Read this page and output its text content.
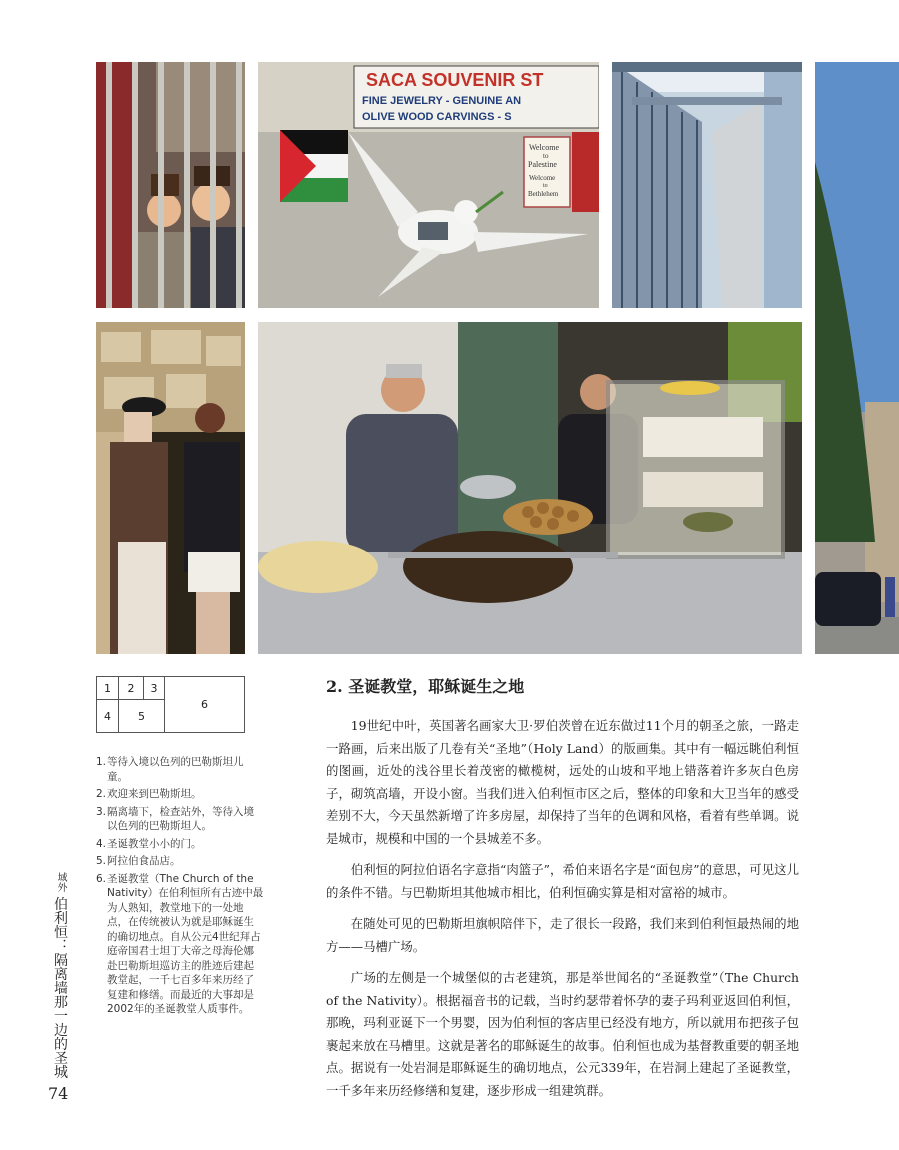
SACA SOUVENIR ST
FINE JEWELRY - GENUINE AN
OLIVE WOOD CARVINGS - S
Welcome
to
Palestine
Welcome
to
Bethlehem
1	2	3
4	5
6
1. 等待入境以色列的巴勒斯坦儿童。
2. 欢迎来到巴勒斯坦。
3. 隔离墙下，检查站外，等待入境以色列的巴勒斯坦人。
4. 圣诞教堂小小的门。
5. 阿拉伯食品店。
6. 圣诞教堂（The Church of the Nativity）在伯利恒所有古迹中最为人熟知，教堂地下的一处地点，在传统被认为就是耶稣诞生的确切地点。自从公元4世纪拜占庭帝国君士坦丁大帝之母海伦娜赴巴勒斯坦巡访主的胜迹后建起教堂起，一千七百多年来历经了复建和修缮。而最近的大事却是2002年的圣诞教堂人质事件。
域外 伯利恒：隔离墙那一边的圣城
74
2. 圣诞教堂，耶稣诞生之地

19世纪中叶，英国著名画家大卫·罗伯茨曾在近东做过11个月的朝圣之旅，一路走一路画，后来出版了几卷有关“圣地”（Holy Land）的版画集。其中有一幅远眺伯利恒的图画，近处的浅谷里长着茂密的橄榄树，远处的山坡和平地上错落着许多灰白色房子，砌筑高墙，开设小窗。当我们进入伯利恒市区之后，整体的印象和大卫当年的感受差别不大，今天虽然新增了许多房屋，却保持了当年的色调和风格，看着有些单调。说是城市，规模和中国的一个县城差不多。

伯利恒的阿拉伯语名字意指“肉篮子”，希伯来语名字是“面包房”的意思，可见这儿的条件不错。与巴勒斯坦其他城市相比，伯利恒确实算是相对富裕的城市。

在随处可见的巴勒斯坦旗帜陪伴下，走了很长一段路，我们来到伯利恒最热闹的地方——马槽广场。

广场的左侧是一个城堡似的古老建筑，那是举世闻名的“圣诞教堂”（The Church of the Nativity）。根据福音书的记载，当时约瑟带着怀孕的妻子玛利亚返回伯利恒，那晚，玛利亚诞下一个男婴，因为伯利恒的客店里已经没有地方，所以就用布把孩子包裹起来放在马槽里。这就是著名的耶稣诞生的故事。伯利恒也成为基督教重要的朝圣地点。据说有一处岩洞是耶稣诞生的确切地点，公元339年，在岩洞上建起了圣诞教堂，一千多年来历经修缮和复建，逐步形成一组建筑群。
